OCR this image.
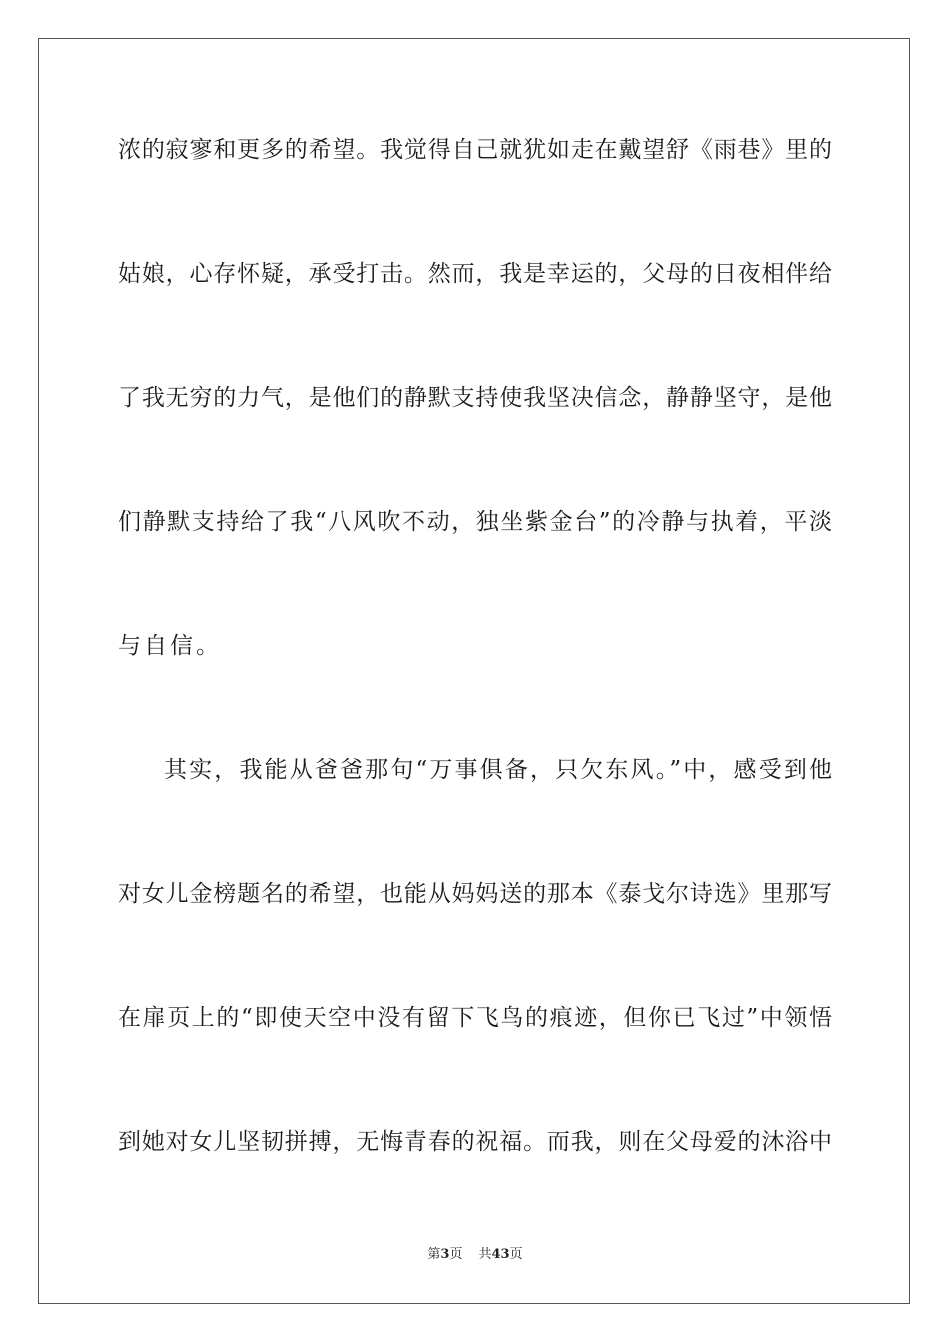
浓的寂寥和更多的希望。我觉得自己就犹如走在戴望舒《雨巷》里的
姑娘，心存怀疑，承受打击。然而，我是幸运的，父母的日夜相伴给
了我无穷的力气，是他们的静默支持使我坚决信念，静静坚守，是他
们静默支持给了我“八风吹不动，独坐紫金台”的冷静与执着，平淡
与自信。
其实，我能从爸爸那句“万事俱备，只欠东风。”中，感受到他
对女儿金榜题名的希望，也能从妈妈送的那本《泰戈尔诗选》里那写
在扉页上的“即使天空中没有留下飞鸟的痕迹，但你已飞过”中领悟
到她对女儿坚韧拼搏，无悔青春的祝福。而我，则在父母爱的沐浴中
第3页 共43页
